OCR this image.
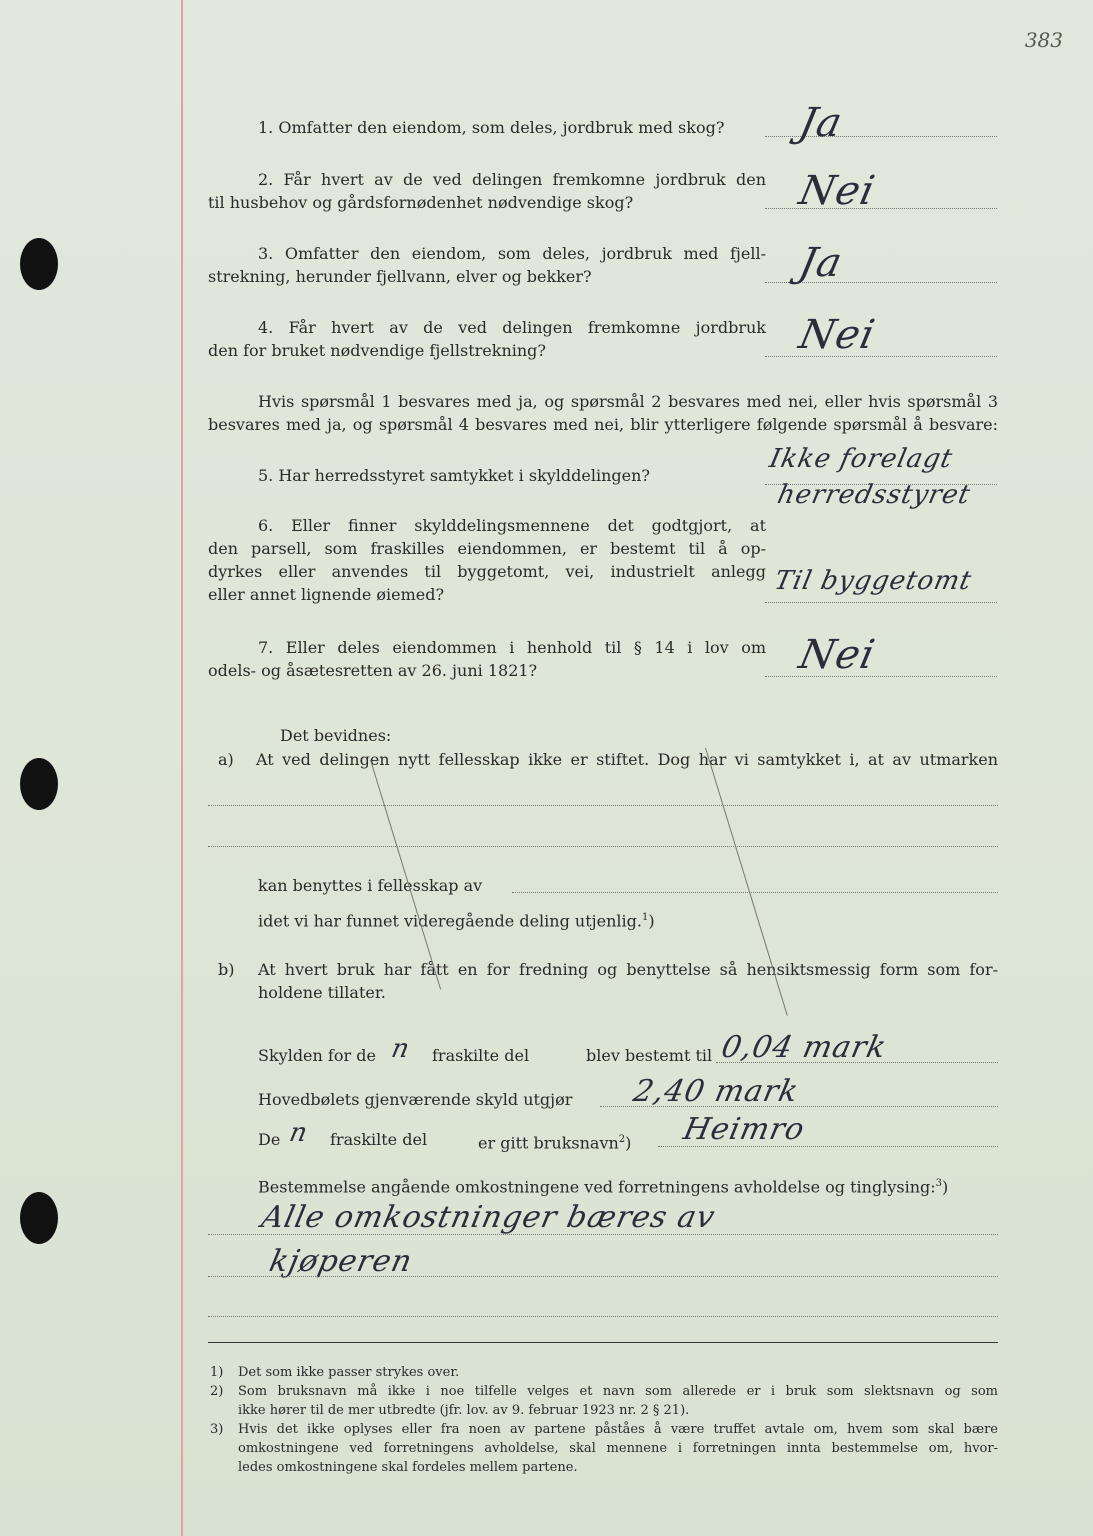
383
1. Omfatter den eiendom, som deles, jordbruk med skog? Ja
2. Får hvert av de ved delingen fremkomne jordbruk den
til husbehov og gårdsfornødenhet nødvendige skog?	Nei
3. Omfatter den eiendom, som deles, jordbruk med fjell-
strekning, herunder fjellvann, elver og bekker?	Ja
4. Får hvert av de ved delingen fremkomne jordbruk
den for bruket nødvendige fjellstrekning?	Nei
Hvis spørsmål 1 besvares med ja, og spørsmål 2 besvares med nei, eller hvis spørsmål 3
besvares med ja, og spørsmål 4 besvares med nei, blir ytterligere følgende spørsmål å besvare:
5. Har herredsstyret samtykket i skylddelingen?
Ikke forelagt
herredsstyret
6. Eller finner skylddelingsmennene det godtgjort, at
den parsell, som fraskilles eiendommen, er bestemt til å op-
dyrkes eller anvendes til byggetomt, vei, industrielt anlegg
eller annet lignende øiemed?	Til byggetomt
7. Eller deles eiendommen i henhold til § 14 i lov om
odels- og åsætesretten av 26. juni 1821?	Nei
Det bevidnes:
a) At ved delingen nytt fellesskap ikke er stiftet. Dog har vi samtykket i, at av utmarken
kan benyttes i fellesskap av
idet vi har funnet videregående deling utjenlig.$^1$)
b) At hvert bruk har fått en for fredning og benyttelse så hensiktsmessig form som for-
holdene tillater.
Skylden for de n fraskilte del	blev bestemt til 0,04 mark
Hovedbølets gjenværende skyld utgjør 2,40 mark
De n fraskilte del	er gitt bruksnavn$^2$) Heimro
Bestemmelse angående omkostningene ved forretningens avholdelse og tinglysing:$^3$)
Alle omkostninger bæres av
kjøperen
1) Det som ikke passer strykes over.
2) Som bruksnavn må ikke i noe tilfelle velges et navn som allerede er i bruk som slektsnavn og som
ikke hører til de mer utbredte (jfr. lov. av 9. februar 1923 nr. 2 § 21).
3) Hvis det ikke oplyses eller fra noen av partene påståes å være truffet avtale om, hvem som skal bære
omkostningene ved forretningens avholdelse, skal mennene i forretningen innta bestemmelse om, hvor-
ledes omkostningene skal fordeles mellem partene.
